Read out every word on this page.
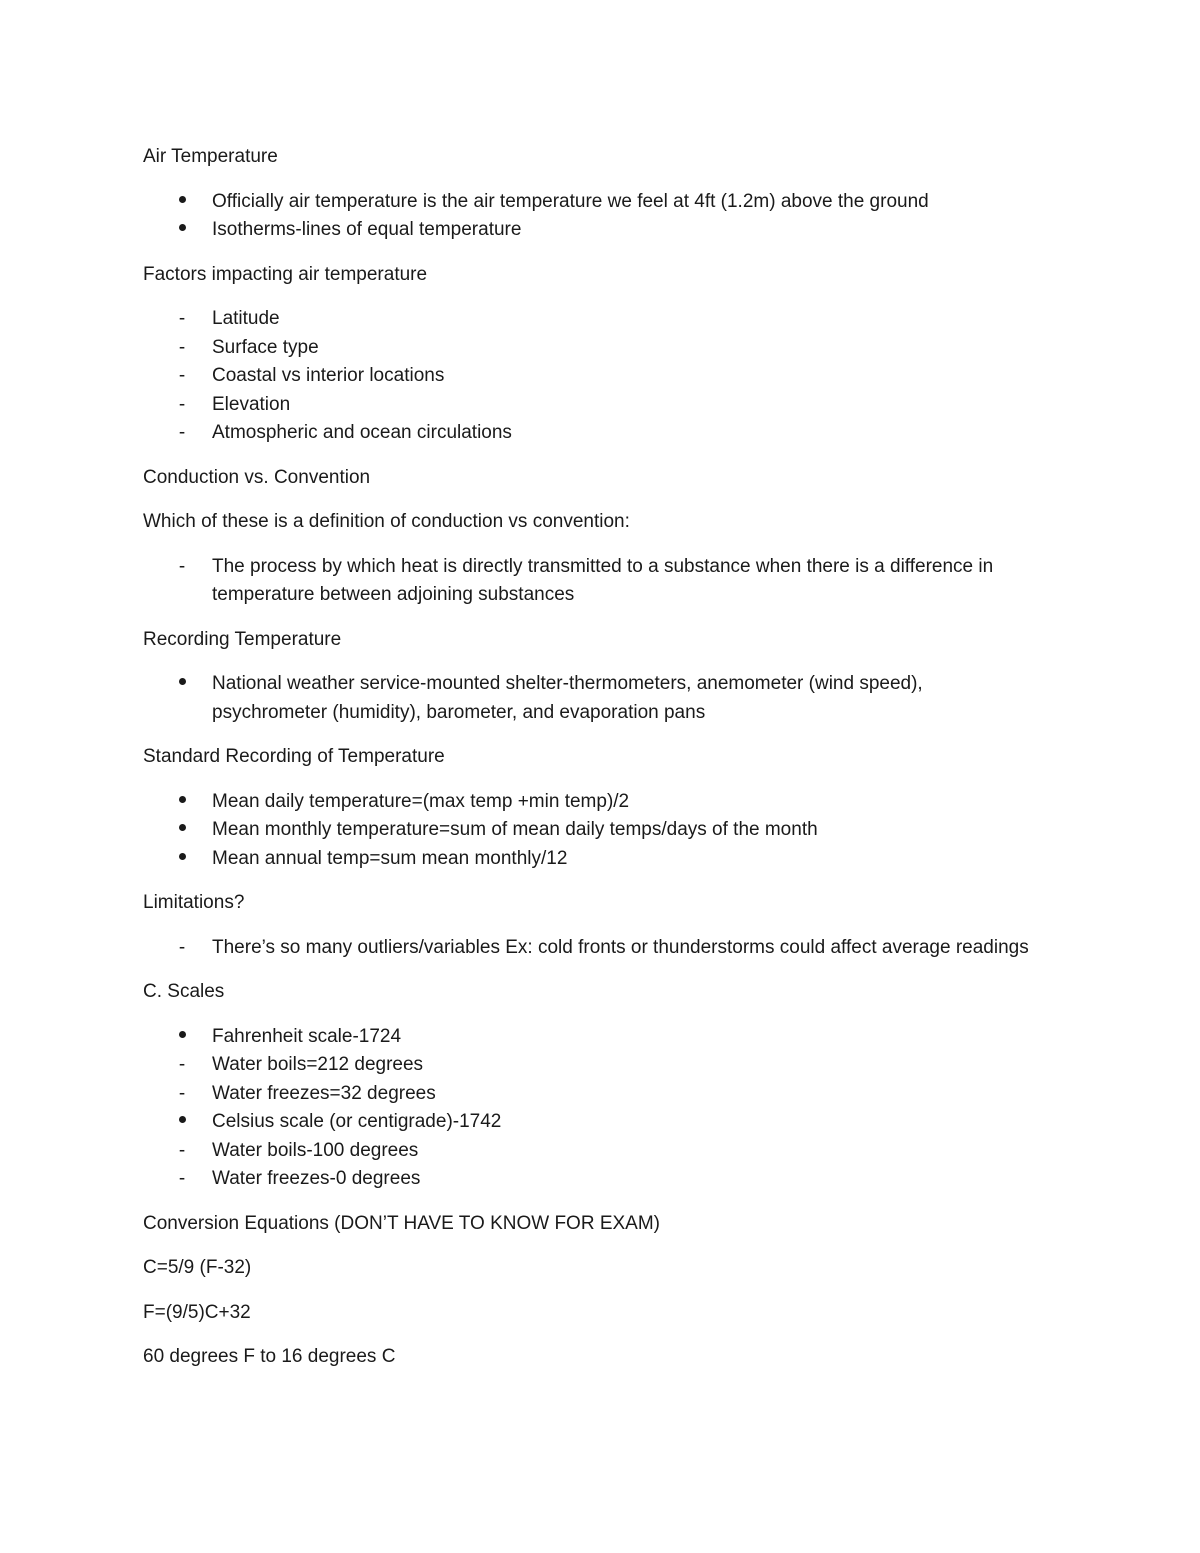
Air Temperature
Officially air temperature is the air temperature we feel at 4ft (1.2m) above the ground
Isotherms-lines of equal temperature
Factors impacting air temperature
- Latitude
- Surface type
- Coastal vs interior locations
- Elevation
- Atmospheric and ocean circulations
Conduction vs. Convention
Which of these is a definition of conduction vs convention:
- The process by which heat is directly transmitted to a substance when there is a difference in temperature between adjoining substances
Recording Temperature
National weather service-mounted shelter-thermometers, anemometer (wind speed), psychrometer (humidity), barometer, and evaporation pans
Standard Recording of Temperature
Mean daily temperature=(max temp +min temp)/2
Mean monthly temperature=sum of mean daily temps/days of the month
Mean annual temp=sum mean monthly/12
Limitations?
- There’s so many outliers/variables Ex: cold fronts or thunderstorms could affect average readings
C. Scales
Fahrenheit scale-1724
- Water boils=212 degrees
- Water freezes=32 degrees
Celsius scale (or centigrade)-1742
- Water boils-100 degrees
- Water freezes-0 degrees
Conversion Equations (DON’T HAVE TO KNOW FOR EXAM)
C=5/9 (F-32)
F=(9/5)C+32
60 degrees F to 16 degrees C
